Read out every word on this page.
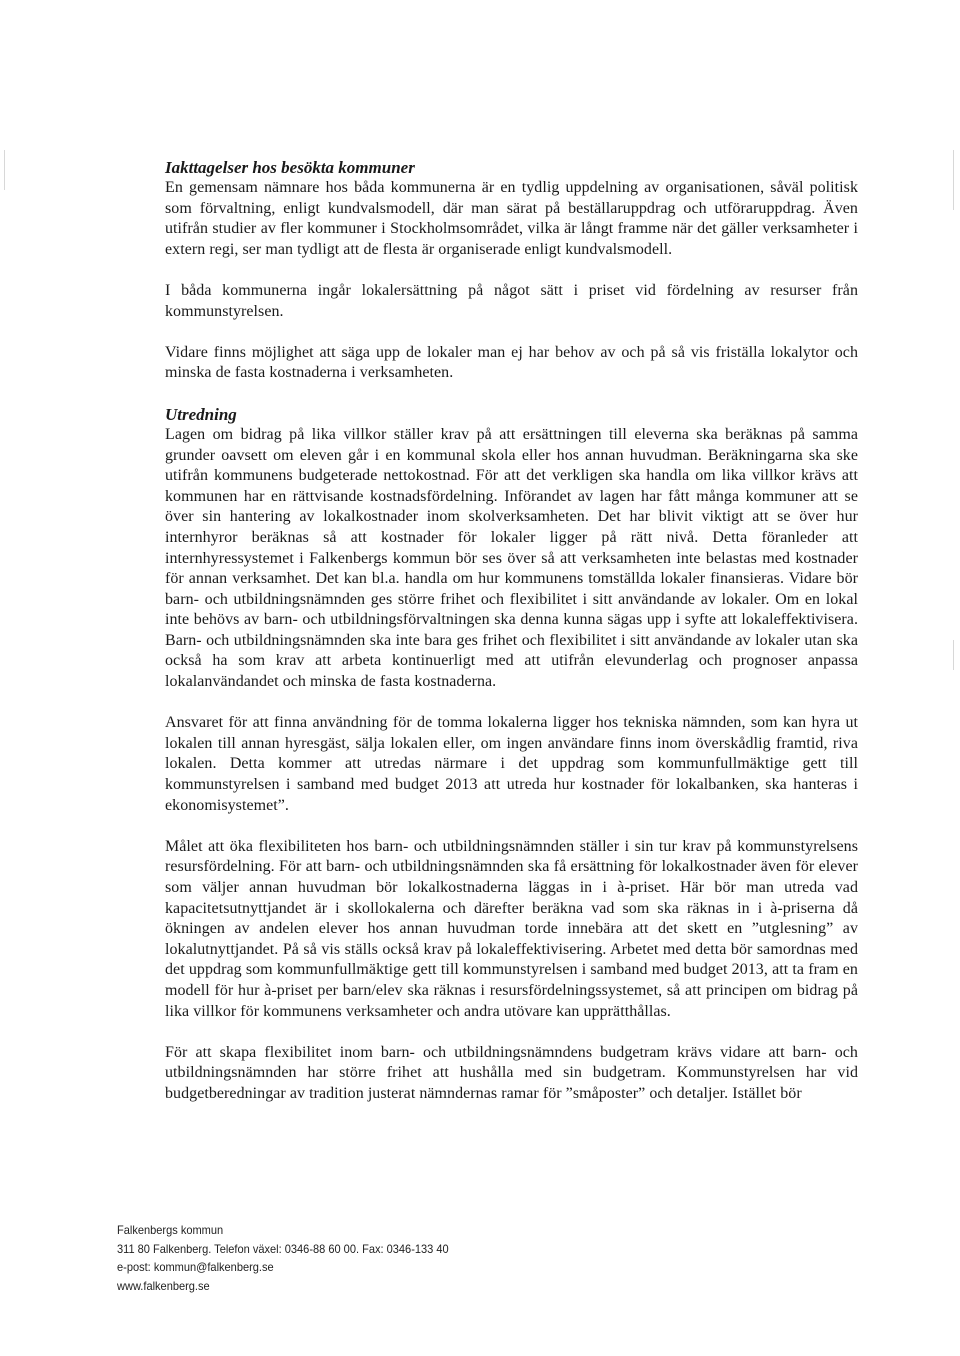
Iakttagelser hos besökta kommuner

En gemensam nämnare hos båda kommunerna är en tydlig uppdelning av organisationen, såväl politisk som förvaltning, enligt kundvalsmodell, där man särat på beställaruppdrag och utförаruppdrag. Även utifrån studier av fler kommuner i Stockholmsområdet, vilka är långt framme när det gäller verksamheter i extern regi, ser man tydligt att de flesta är organiserade enligt kundvalsmodell.

I båda kommunerna ingår lokalersättning på något sätt i priset vid fördelning av resurser från kommunstyrelsen.

Vidare finns möjlighet att säga upp de lokaler man ej har behov av och på så vis friställa lokalytor och minska de fasta kostnaderna i verksamheten.

Utredning

Lagen om bidrag på lika villkor ställer krav på att ersättningen till eleverna ska beräknas på samma grunder oavsett om eleven går i en kommunal skola eller hos annan huvudman. Beräkningarna ska ske utifrån kommunens budgeterade nettokostnad. För att det verkligen ska handla om lika villkor krävs att kommunen har en rättvisande kostnadsfördelning. Införandet av lagen har fått många kommuner att se över sin hantering av lokalkostnader inom skolverksamheten. Det har blivit viktigt att se över hur internhyror beräknas så att kostnader för lokaler ligger på rätt nivå. Detta föranleder att internhyressystemet i Falkenbergs kommun bör ses över så att verksamheten inte belastas med kostnader för annan verksamhet. Det kan bl.a. handla om hur kommunens tomställda lokaler finansieras. Vidare bör barn- och utbildningsnämnden ges större frihet och flexibilitet i sitt användande av lokaler. Om en lokal inte behövs av barn- och utbildningsförvaltningen ska denna kunna sägas upp i syfte att lokaleffektivisera. Barn- och utbildningsnämnden ska inte bara ges frihet och flexibilitet i sitt användande av lokaler utan ska också ha som krav att arbeta kontinuerligt med att utifrån elevunderlag och prognoser anpassa lokalanvändandet och minska de fasta kostnaderna.

Ansvaret för att finna användning för de tomma lokalerna ligger hos tekniska nämnden, som kan hyra ut lokalen till annan hyresgäst, sälja lokalen eller, om ingen användare finns inom överskådlig framtid, riva lokalen. Detta kommer att utredas närmare i det uppdrag som kommunfullmäktige gett till kommunstyrelsen i samband med budget 2013 att utreda hur kostnader för lokalbanken, ska hanteras i ekonomisystemet”.

Målet att öka flexibiliteten hos barn- och utbildningsnämnden ställer i sin tur krav på kommunstyrelsens resursfördelning. För att barn- och utbildningsnämnden ska få ersättning för lokalkostnader även för elever som väljer annan huvudman bör lokalkostnaderna läggas in i à-priset. Här bör man utreda vad kapacitetsutnyttjandet är i skollokalerna och därefter beräkna vad som ska räknas in i à-priserna då ökningen av andelen elever hos annan huvudman torde innebära att det skett en ”utglesning” av lokalutnyttjandet. På så vis ställs också krav på lokaleffektivisering. Arbetet med detta bör samordnas med det uppdrag som kommunfullmäktige gett till kommunstyrelsen i samband med budget 2013, att ta fram en modell för hur à-priset per barn/elev ska räknas i resursfördelningssystemet, så att principen om bidrag på lika villkor för kommunens verksamheter och andra utövare kan upprätthållas.

För att skapa flexibilitet inom barn- och utbildningsnämndens budgetram krävs vidare att barn- och utbildningsnämnden har större frihet att hushålla med sin budgetram. Kommunstyrelsen har vid budgetberedningar av tradition justerat nämndernas ramar för ”småposter” och detaljer. Istället bör

Falkenbergs kommun
311 80 Falkenberg. Telefon växel: 0346-88 60 00. Fax: 0346-133 40
e-post: kommun@falkenberg.se
www.falkenberg.se
